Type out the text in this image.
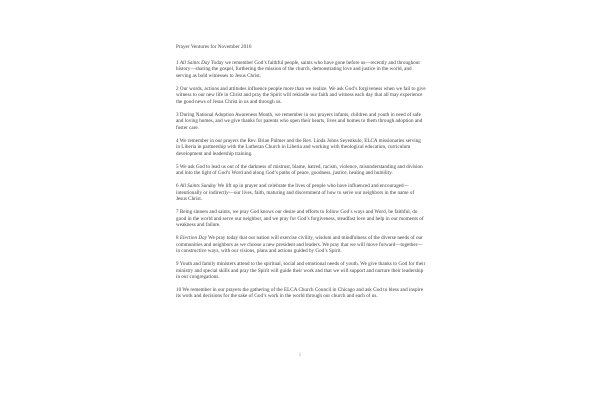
Prayer Ventures for November 2016

1 All Saints Day Today we remember God’s faithful people, saints who have gone before us—recently and throughout history—sharing the gospel, furthering the mission of the church, demonstrating love and justice in the world, and serving as bold witnesses to Jesus Christ.

2 Our words, actions and attitudes influence people more than we realize. We ask God’s forgiveness when we fail to give witness to our new life in Christ and pray the Spirit will rekindle our faith and witness each day that all may experience the good news of Jesus Christ in us and through us.

3 During National Adoption Awareness Month, we remember in our prayers infants, children and youth in need of safe and loving homes, and we give thanks for parents who open their hearts, lives and homes to them through adoption and foster care.

4 We remember in our prayers the Rev. Brian Palmer and the Rev. Linda Johns Seyenkulo, ELCA missionaries serving in Liberia in partnership with the Lutheran Church in Liberia and working with theological education, curriculum development and leadership training.

5 We ask God to lead us out of the darkness of mistrust, blame, hatred, racism, violence, misunderstanding and division and into the light of God’s Word and along God’s paths of peace, goodness, justice, healing and humility.

6 All Saints Sunday We lift up in prayer and celebrate the lives of people who have influenced and encouraged—intentionally or indirectly—our lives, faith, maturing and discernment of how to serve our neighbors in the name of Jesus Christ.

7 Being sinners and saints, we pray God knows our desire and efforts to follow God’s ways and Word, be faithful, do good in the world and serve our neighbor, and we pray for God’s forgiveness, steadfast love and help in our moments of weakness and failure.

8 Election Day We pray today that our nation will exercise civility, wisdom and mindfulness of the diverse needs of our communities and neighbors as we choose a new president and leaders. We pray that we will move forward—together—in constructive ways, with our visions, plans and actions guided by God’s Spirit.

9 Youth and family ministers attend to the spiritual, social and emotional needs of youth. We give thanks to God for their ministry and special skills and pray the Spirit will guide their work and that we will support and nurture their leadership in our congregations.

10 We remember in our prayers the gathering of the ELCA Church Council in Chicago and ask God to bless and inspire its work and decisions for the sake of God’s work in the world through our church and each of us.

1
